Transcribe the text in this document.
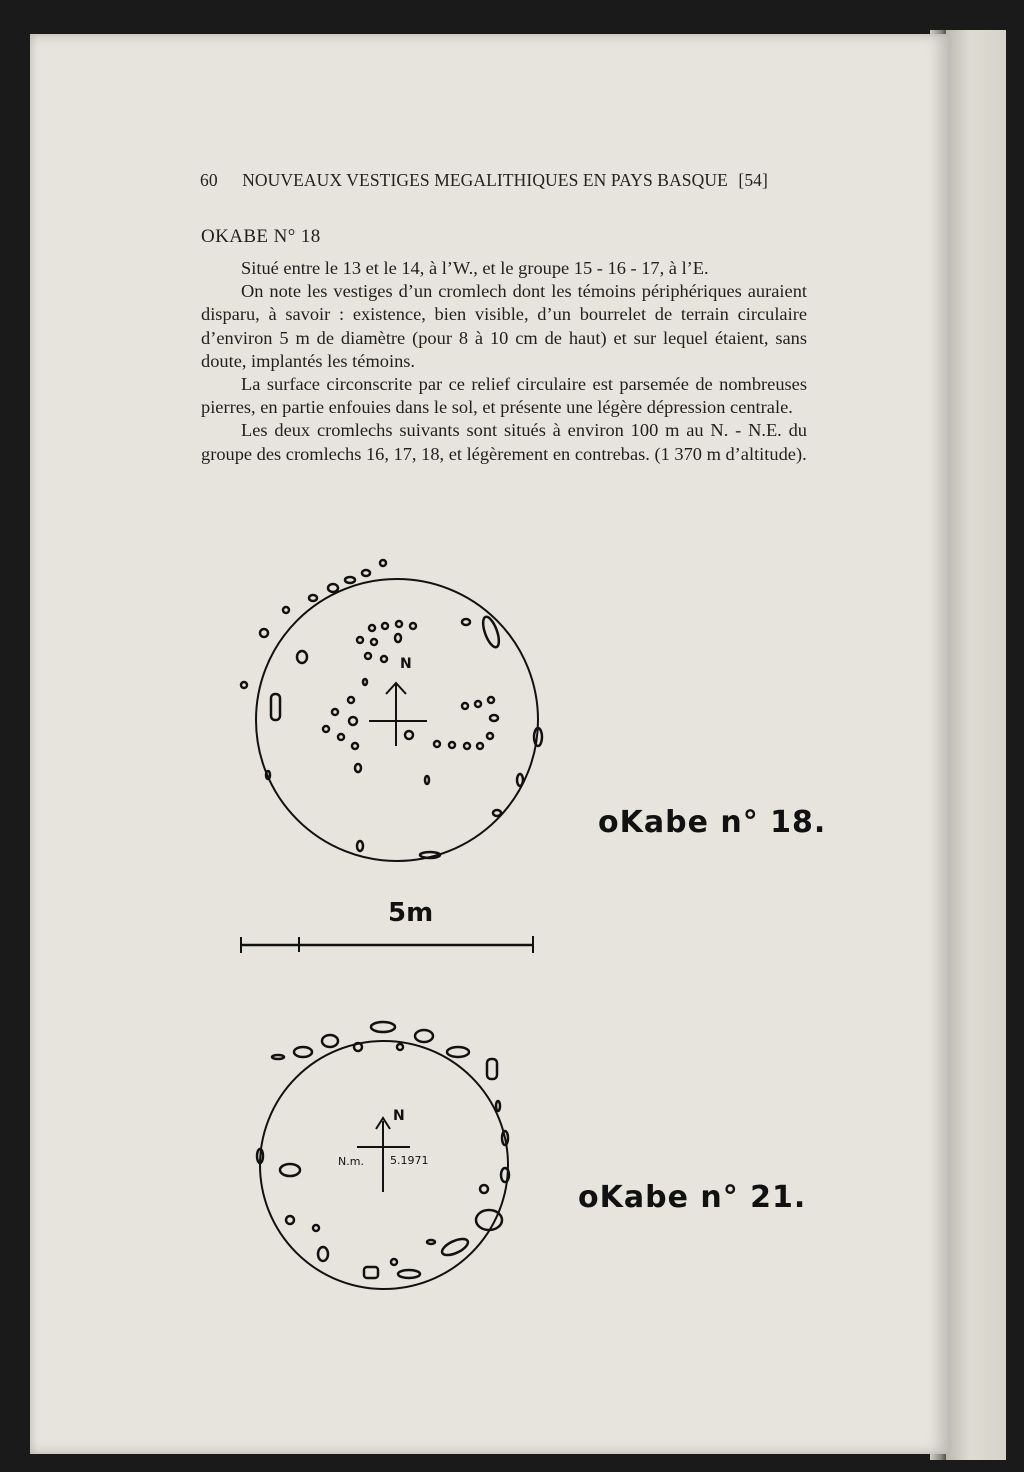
60 NOUVEAUX VESTIGES MEGALITHIQUES EN PAYS BASQUE [54]
OKABE N° 18

Situé entre le 13 et le 14, à l’W., et le groupe 15 - 16 - 17, à l’E.

On note les vestiges d’un cromlech dont les témoins périphériques auraient disparu, à savoir : existence, bien visible, d’un bourrelet de terrain circulaire d’environ 5 m de diamètre (pour 8 à 10 cm de haut) et sur lequel étaient, sans doute, implantés les témoins.

La surface circonscrite par ce relief circulaire est parsemée de nombreuses pierres, en partie enfouies dans le sol, et présente une légère dépression centrale.

Les deux cromlechs suivants sont situés à environ 100 m au N. - N.E. du groupe des cromlechs 16, 17, 18, et légèrement en contrebas. (1 370 m d’altitude).

oKabe n° 18.
N
5m
oKabe n° 21.
N
N.m. 5.1971
